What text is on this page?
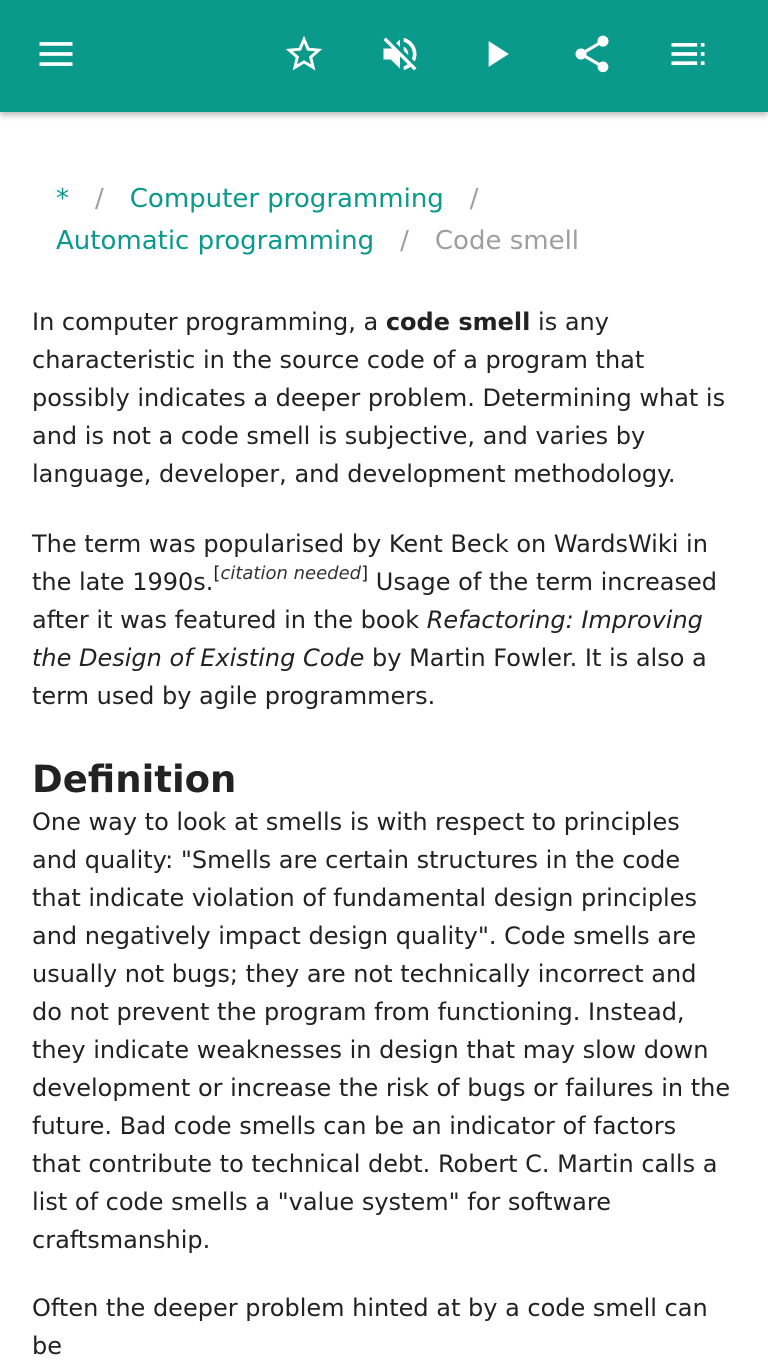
* / Computer programming /
Automatic programming / Code smell

In computer programming, a code smell is any characteristic in the source code of a program that possibly indicates a deeper problem. Determining what is and is not a code smell is subjective, and varies by language, developer, and development methodology.

The term was popularised by Kent Beck on WardsWiki in the late 1990s.[citation needed] Usage of the term increased after it was featured in the book Refactoring: Improving the Design of Existing Code by Martin Fowler. It is also a term used by agile programmers.

Definition

One way to look at smells is with respect to principles and quality: "Smells are certain structures in the code that indicate violation of fundamental design principles and negatively impact design quality". Code smells are usually not bugs; they are not technically incorrect and do not prevent the program from functioning. Instead, they indicate weaknesses in design that may slow down development or increase the risk of bugs or failures in the future. Bad code smells can be an indicator of factors that contribute to technical debt. Robert C. Martin calls a list of code smells a "value system" for software craftsmanship.

Often the deeper problem hinted at by a code smell can be
